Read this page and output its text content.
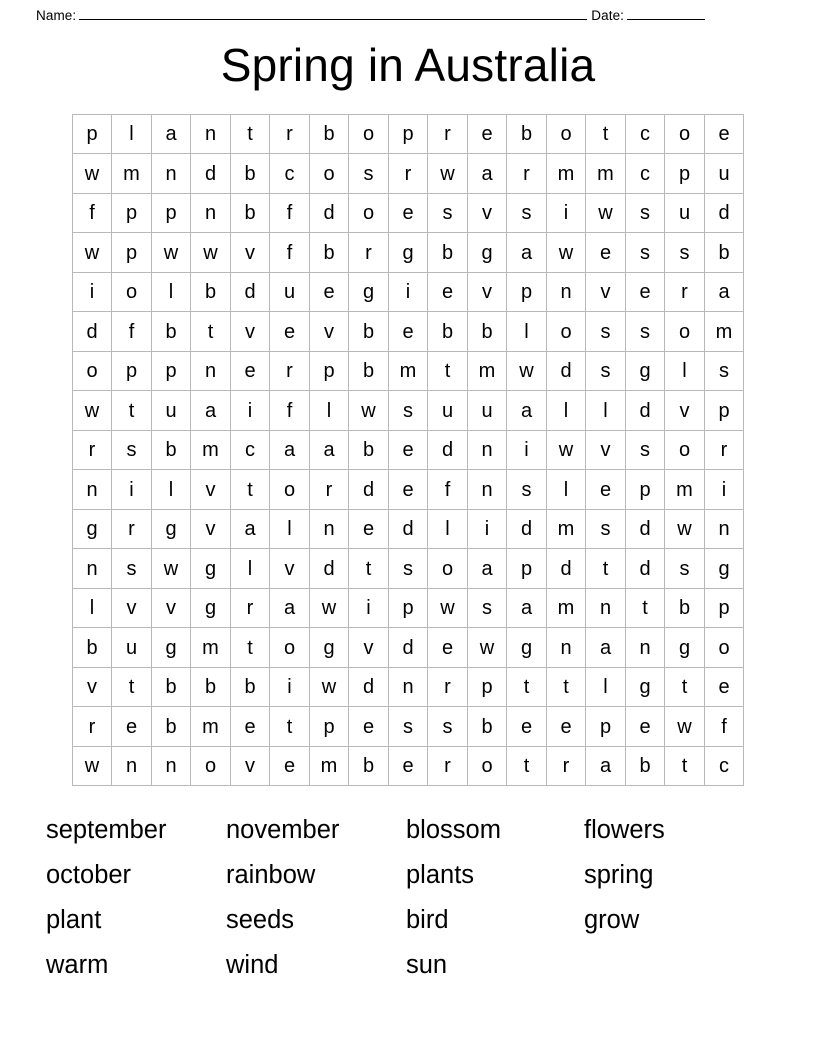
Name:	Date:
Spring in Australia
p	l	a	n	t	r	b	o	p	r	e	b	o	t	c	o	e
w	m	n	d	b	c	o	s	r	w	a	r	m	m	c	p	u
f	p	p	n	b	f	d	o	e	s	v	s	i	w	s	u	d
w	p	w	w	v	f	b	r	g	b	g	a	w	e	s	s	b
i	o	l	b	d	u	e	g	i	e	v	p	n	v	e	r	a
d	f	b	t	v	e	v	b	e	b	b	l	o	s	s	o	m
o	p	p	n	e	r	p	b	m	t	m	w	d	s	g	l	s
w	t	u	a	i	f	l	w	s	u	u	a	l	l	d	v	p
r	s	b	m	c	a	a	b	e	d	n	i	w	v	s	o	r
n	i	l	v	t	o	r	d	e	f	n	s	l	e	p	m	i
g	r	g	v	a	l	n	e	d	l	i	d	m	s	d	w	n
n	s	w	g	l	v	d	t	s	o	a	p	d	t	d	s	g
l	v	v	g	r	a	w	i	p	w	s	a	m	n	t	b	p
b	u	g	m	t	o	g	v	d	e	w	g	n	a	n	g	o
v	t	b	b	b	i	w	d	n	r	p	t	t	l	g	t	e
r	e	b	m	e	t	p	e	s	s	b	e	e	p	e	w	f
w	n	n	o	v	e	m	b	e	r	o	t	r	a	b	t	c
september	november	blossom	flowers
october	rainbow	plants	spring
plant	seeds	bird	grow
warm	wind	sun
